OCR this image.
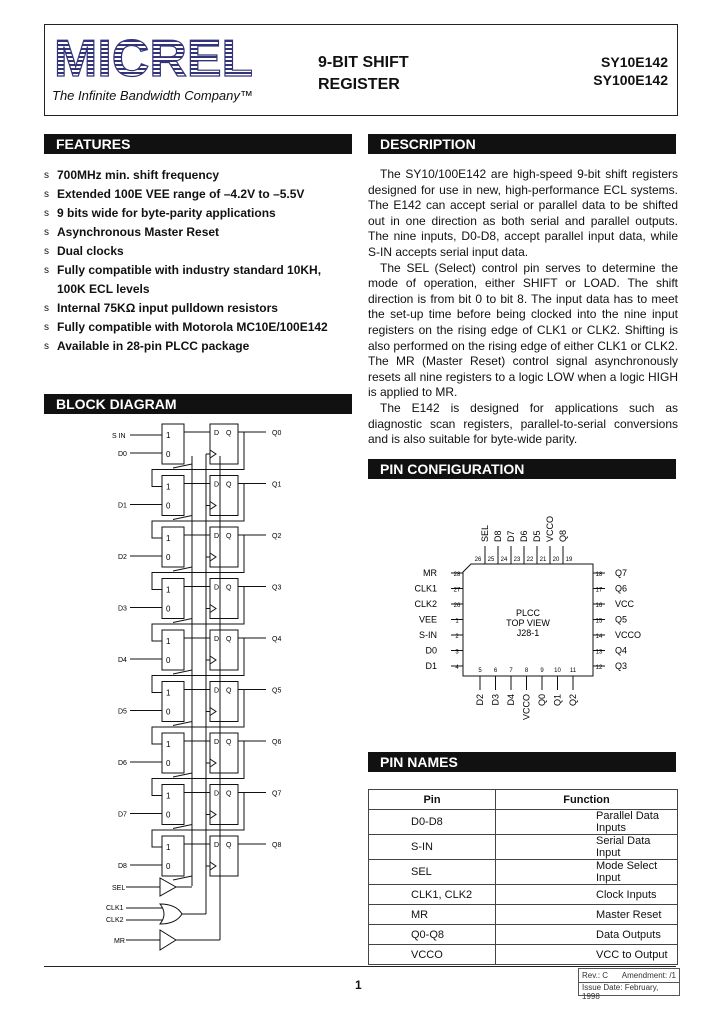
MICREL
The Infinite Bandwidth Company™
9-BIT SHIFT
REGISTER
SY10E142
SY100E142
FEATURES
s 700MHz min. shift frequency
s Extended 100E VEE range of –4.2V to –5.5V
s 9 bits wide for byte-parity applications
s Asynchronous Master Reset
s Dual clocks
s Fully compatible with industry standard 10KH,
100K ECL levels
s Internal 75KΩ input pulldown resistors
s Fully compatible with Motorola MC10E/100E142
s Available in 28-pin PLCC package
DESCRIPTION

The SY10/100E142 are high-speed 9-bit shift registers designed for use in new, high-performance ECL systems. The E142 can accept serial or parallel data to be shifted out in one direction as both serial and parallel outputs. The nine inputs, D0-D8, accept parallel input data, while S-IN accepts serial input data.

The SEL (Select) control pin serves to determine the mode of operation, either SHIFT or LOAD. The shift direction is from bit 0 to bit 8. The input data has to meet the set-up time before being clocked into the nine input registers on the rising edge of CLK1 or CLK2. Shifting is also performed on the rising edge of either CLK1 or CLK2. The MR (Master Reset) control signal asynchronously resets all nine registers to a logic LOW when a logic HIGH is applied to MR.

The E142 is designed for applications such as diagnostic scan registers, parallel-to-serial conversions and is also suitable for byte-wide parity.

BLOCK DIAGRAM
1
0
D Q	Q0
D0
S IN
1
0
D Q	Q1
D1
1
0
D Q	Q2
D2
1
0
D Q	Q3
D3
1
0
D Q	Q4
D4
1
0
D Q	Q5
D5
1
0
D Q	Q6
D6
1
0
D Q	Q7
D7
1
0
D Q	Q8
D8
SEL
CLK1
CLK2
MR
PIN CONFIGURATION
PLCC
TOP VIEW
J28-1
SEL D8 D7 D6 D5 VCCO Q8
26 25 24 23 22 21 20 19
MR	28
CLK1	27
CLK2	26
VEE	1
S-IN	2
D0	3
D1	4
Q7
18
Q6
17
VCC
16
Q5
15
VCCO
14
Q4
13
Q3
12
5
D2
6
D3
7
D4
8
VCCO
9
Q0
10
Q1
11
Q2
PIN NAMES
Pin	Function
D0-D8	Parallel Data Inputs
S-IN	Serial Data Input
SEL	Mode Select Input
CLK1, CLK2	Clock Inputs
MR	Master Reset
Q0-Q8	Data Outputs
VCCO	VCC to Output
1
Rev.: C Amendment: /1
Issue Date: February, 1998
